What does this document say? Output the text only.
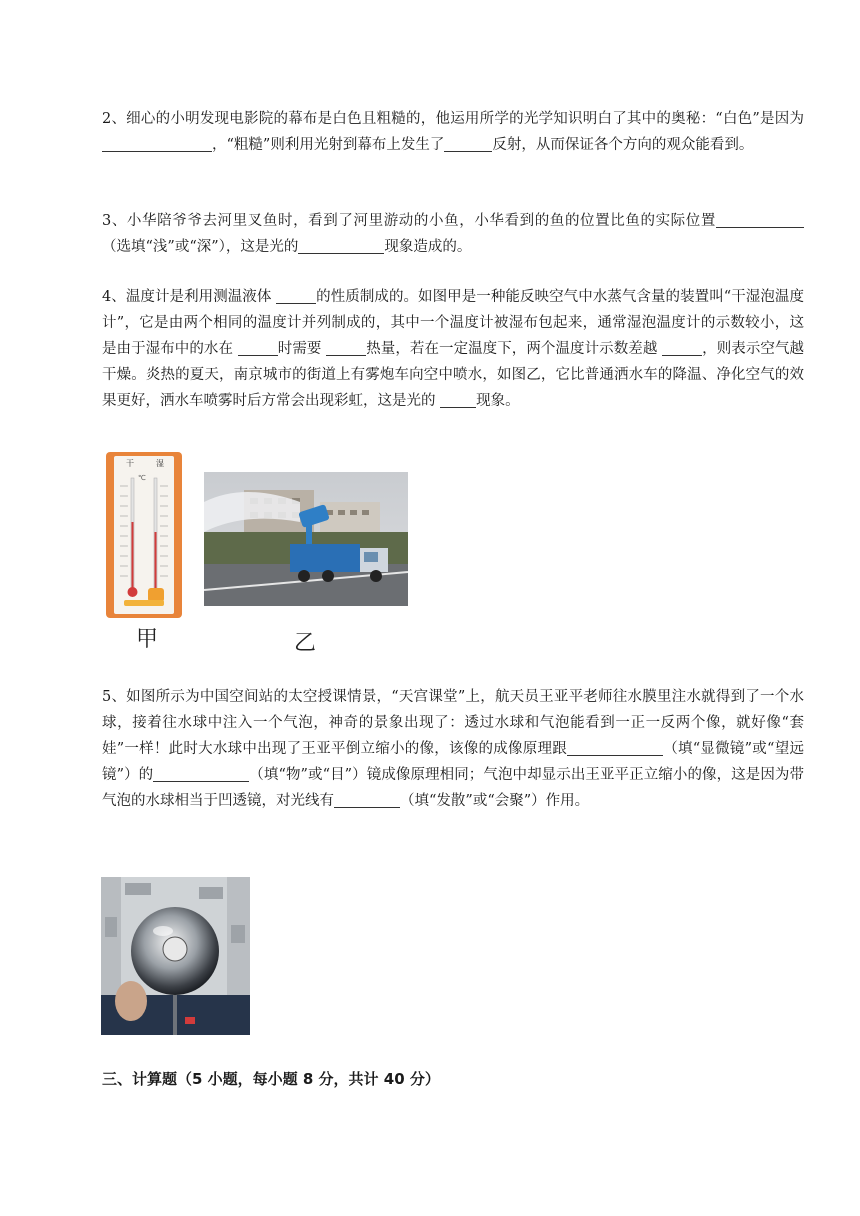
2、细心的小明发现电影院的幕布是白色且粗糙的，他运用所学的光学知识明白了其中的奥秘：“白色”是因为，“粗糙”则利用光射到幕布上发生了	反射，从而保证各个方向的观众能看到。

3、小华陪爷爷去河里叉鱼时，看到了河里游动的小鱼，小华看到的鱼的位置比鱼的实际位置（选填“浅”或“深”），这是光的	现象造成的。

4、温度计是利用测温液体	的性质制成的。如图甲是一种能反映空气中水蒸气含量的装置叫“干湿泡温度计”，它是由两个相同的温度计并列制成的，其中一个温度计被湿布包起来，通常湿泡温度计的示数较小，这是由于湿布中的水在	时需要	热量，若在一定温度下，两个温度计示数差越	，则表示空气越干燥。炎热的夏天，南京城市的街道上有雾炮车向空中喷水，如图乙，它比普通洒水车的降温、净化空气的效果更好，洒水车喷雾时后方常会出现彩虹，这是光的 现象。

干	湿
℃
甲	乙

5、如图所示为中国空间站的太空授课情景，“天宫课堂”上，航天员王亚平老师往水膜里注水就得到了一个水球，接着往水球中注入一个气泡，神奇的景象出现了：透过水球和气泡能看到一正一反两个像，就好像“套娃”一样！此时大水球中出现了王亚平倒立缩小的像，该像的成像原理跟	（填“显微镜”或“望远镜”）的	（填“物”或“目”）镜成像原理相同；气泡中却显示出王亚平正立缩小的像，这是因为带气泡的水球相当于凹透镜，对光线有	（填“发散”或“会聚”）作用。

三、计算题（5 小题，每小题 8 分，共计 40 分）
